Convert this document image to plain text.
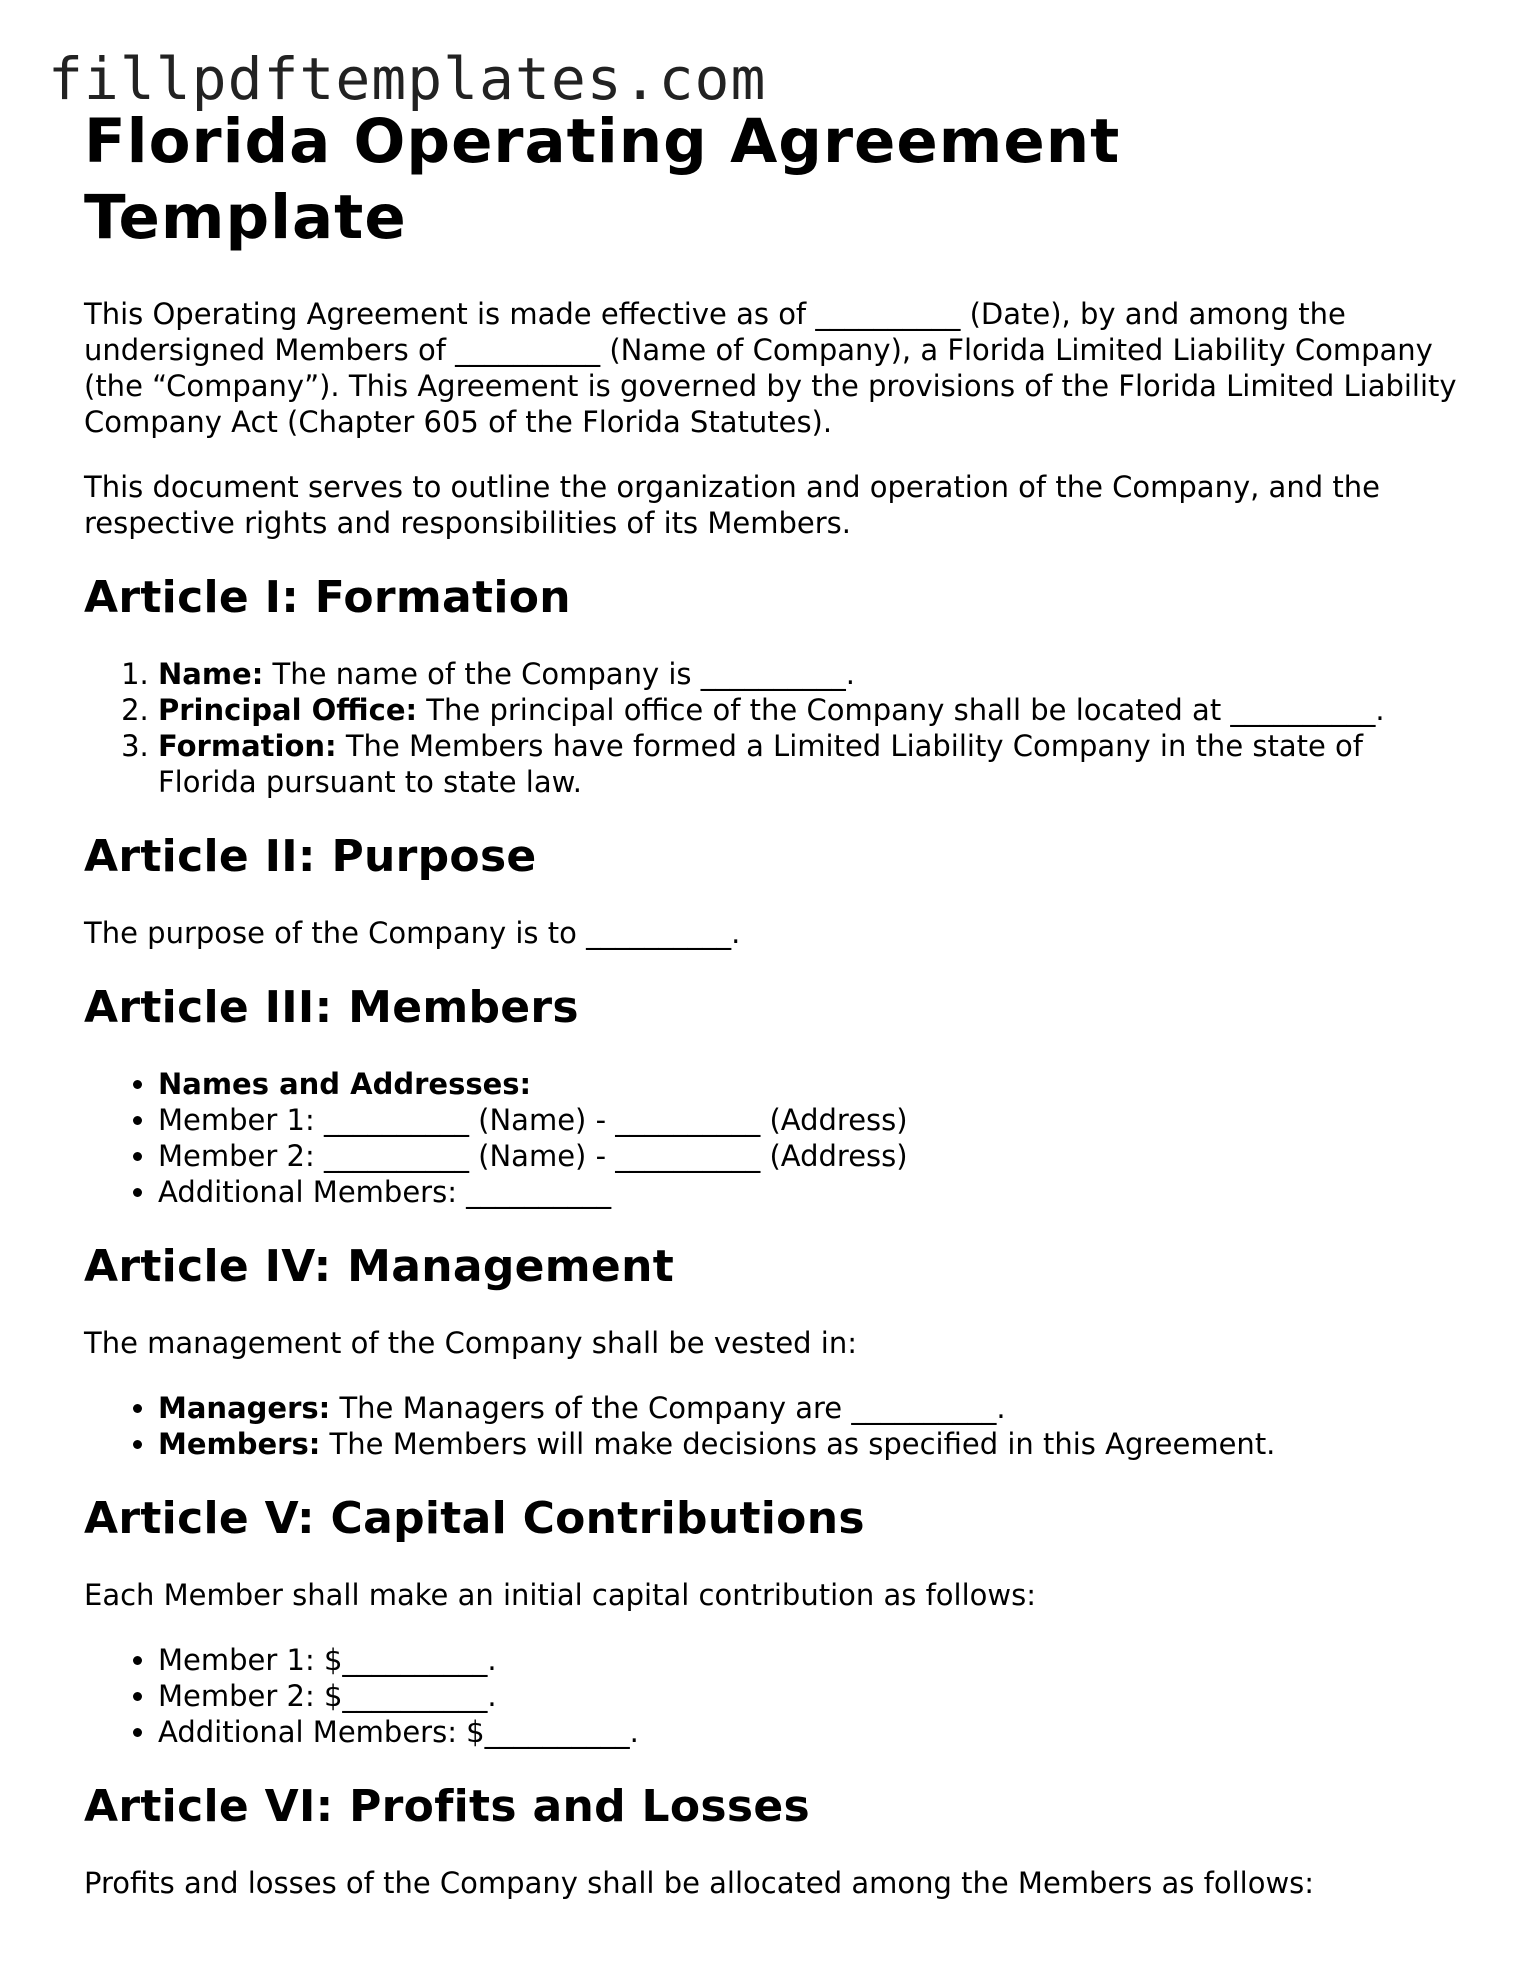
fillpdftemplates.com
Florida Operating Agreement Template

This Operating Agreement is made effective as of __________ (Date), by and among the undersigned Members of __________ (Name of Company), a Florida Limited Liability Company (the “Company”). This Agreement is governed by the provisions of the Florida Limited Liability Company Act (Chapter 605 of the Florida Statutes).

This document serves to outline the organization and operation of the Company, and the respective rights and responsibilities of its Members.

Article I: Formation
1. Name: The name of the Company is __________.
2. Principal Office: The principal office of the Company shall be located at __________.
3. Formation: The Members have formed a Limited Liability Company in the state of Florida pursuant to state law.
Article II: Purpose

The purpose of the Company is to __________.

Article III: Members
• Names and Addresses:
• Member 1: __________ (Name) - __________ (Address)
• Member 2: __________ (Name) - __________ (Address)
• Additional Members: __________
Article IV: Management

The management of the Company shall be vested in:

• Managers: The Managers of the Company are __________.
• Members: The Members will make decisions as specified in this Agreement.
Article V: Capital Contributions

Each Member shall make an initial capital contribution as follows:

• Member 1: $__________.
• Member 2: $__________.
• Additional Members: $__________.
Article VI: Profits and Losses

Profits and losses of the Company shall be allocated among the Members as follows:
